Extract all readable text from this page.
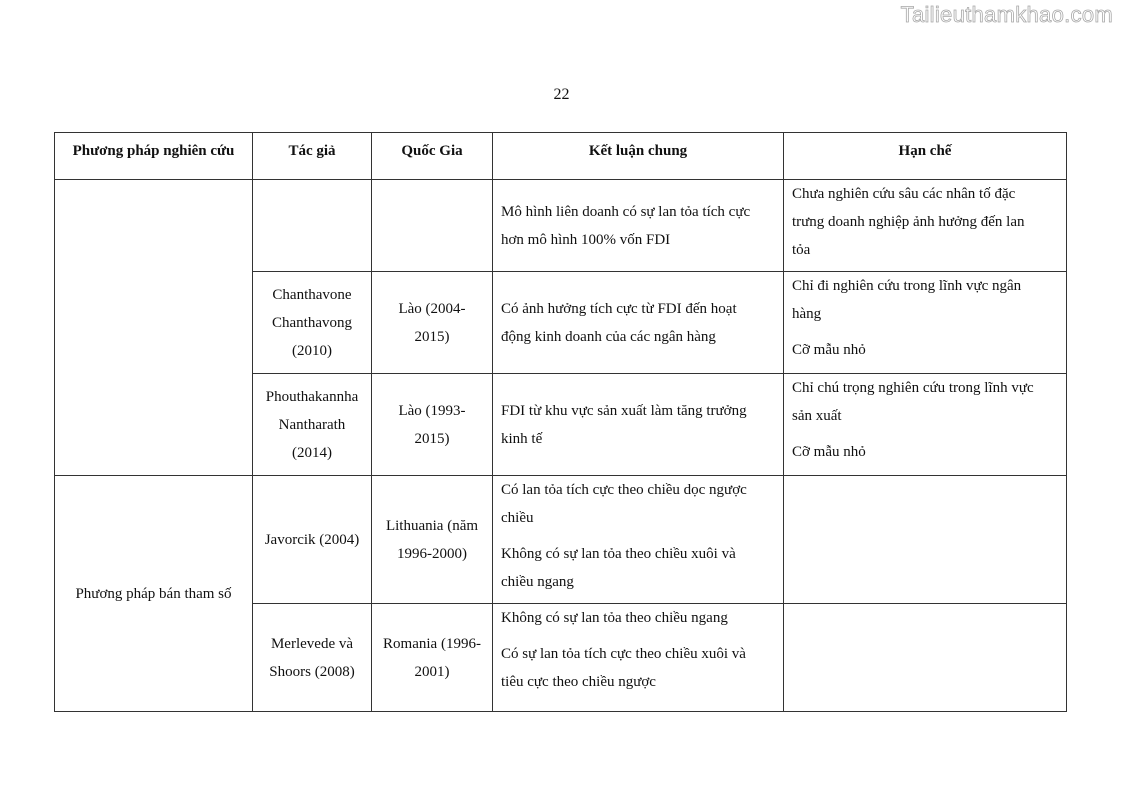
Tailieuthamkhao.com
22
Phương pháp nghiên cứu	Tác giả	Quốc Gia	Kết luận chung	Hạn chế

			Mô hình liên doanh có sự lan tỏa tích cực
hơn mô hình 100% vốn FDI	Chưa nghiên cứu sâu các nhân tố đặc
trưng doanh nghiệp ảnh hưởng đến lan
tỏa

	Chanthavone
Chanthavong
(2010)	Lào (2004-
2015)	Có ảnh hưởng tích cực từ FDI đến hoạt
động kinh doanh của các ngân hàng	Chỉ đi nghiên cứu trong lĩnh vực ngân
hàng
Cỡ mẫu nhỏ

	Phouthakannha
Nantharath
(2014)	Lào (1993-
2015)	FDI từ khu vực sản xuất làm tăng trưởng
kinh tế	Chỉ chú trọng nghiên cứu trong lĩnh vực
sản xuất
Cỡ mẫu nhỏ

Phương pháp bán tham số	Javorcik (2004)	Lithuania (năm
1996-2000)	Có lan tỏa tích cực theo chiều dọc ngược
chiều
Không có sự lan tỏa theo chiều xuôi và
chiều ngang	

	Merlevede và
Shoors (2008)	Romania (1996-
2001)	Không có sự lan tỏa theo chiều ngang
Có sự lan tỏa tích cực theo chiều xuôi và
tiêu cực theo chiều ngược	
